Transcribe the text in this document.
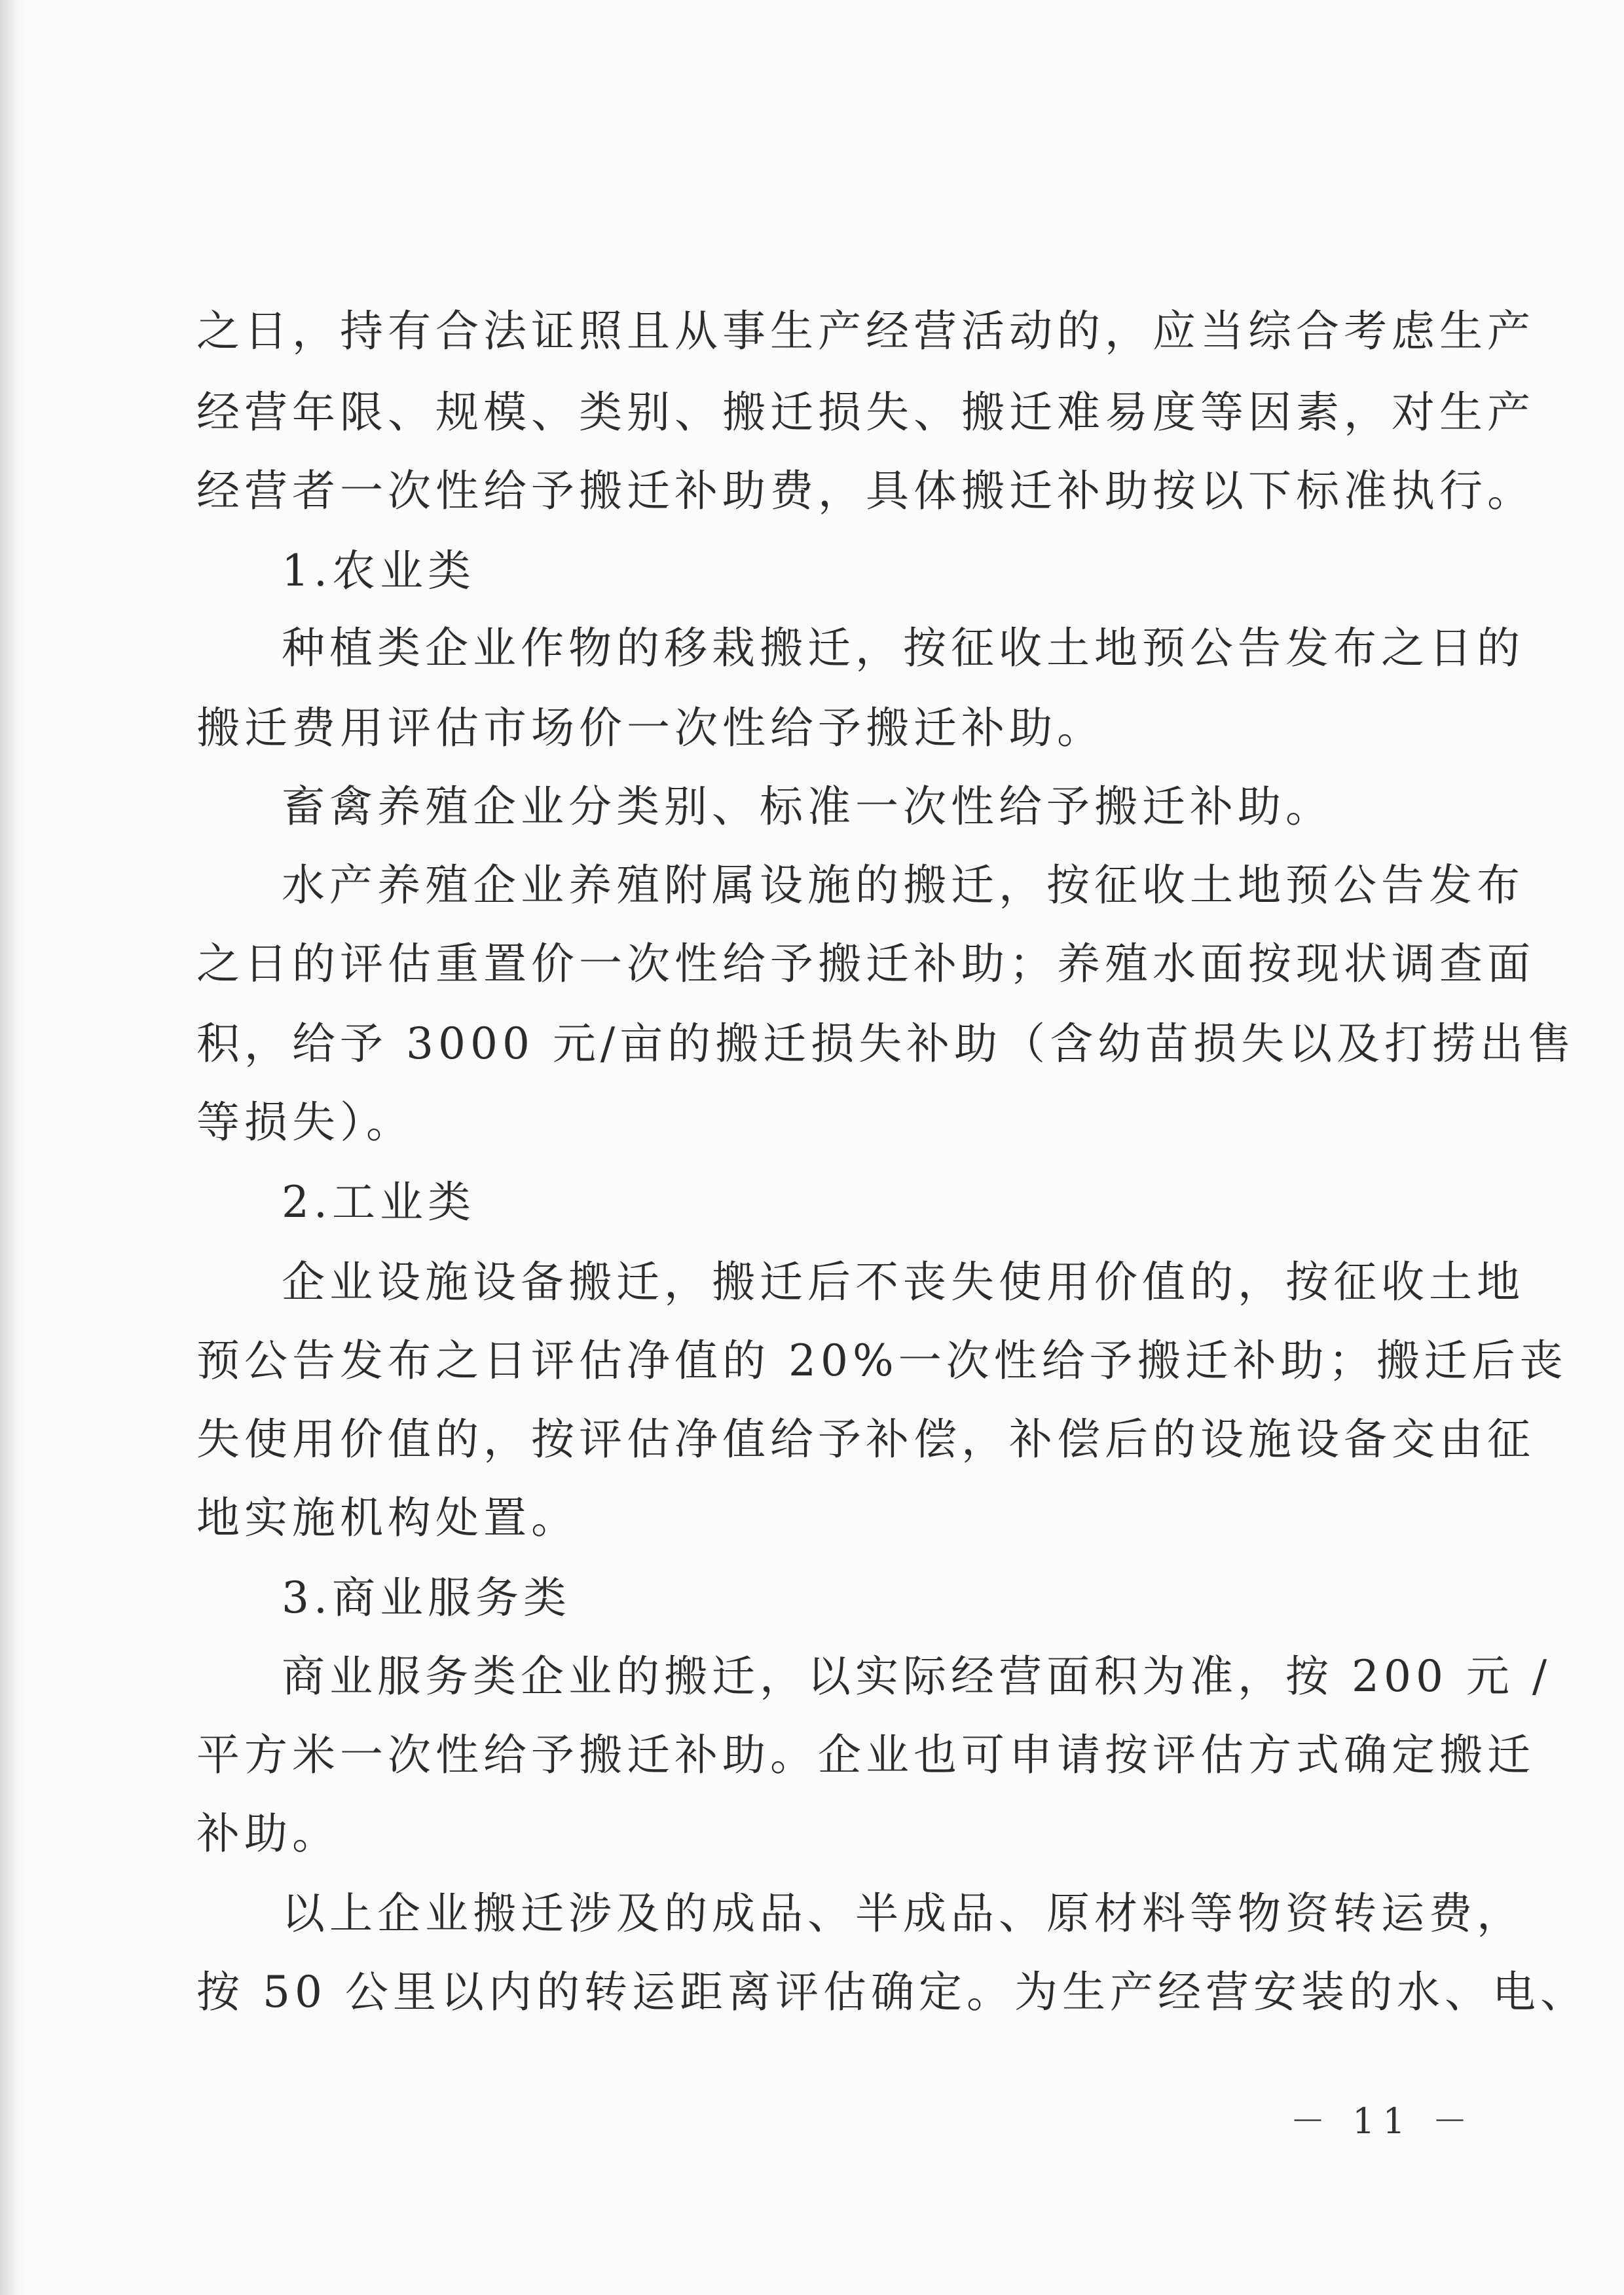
之日，持有合法证照且从事生产经营活动的，应当综合考虑生产
经营年限、规模、类别、搬迁损失、搬迁难易度等因素，对生产
经营者一次性给予搬迁补助费，具体搬迁补助按以下标准执行。
1.农业类
种植类企业作物的移栽搬迁，按征收土地预公告发布之日的
搬迁费用评估市场价一次性给予搬迁补助。
畜禽养殖企业分类别、标准一次性给予搬迁补助。
水产养殖企业养殖附属设施的搬迁，按征收土地预公告发布
之日的评估重置价一次性给予搬迁补助；养殖水面按现状调查面
积，给予 3000 元/亩的搬迁损失补助（含幼苗损失以及打捞出售
等损失）。
2.工业类
企业设施设备搬迁，搬迁后不丧失使用价值的，按征收土地
预公告发布之日评估净值的 20%一次性给予搬迁补助；搬迁后丧
失使用价值的，按评估净值给予补偿，补偿后的设施设备交由征
地实施机构处置。
3.商业服务类
商业服务类企业的搬迁，以实际经营面积为准，按 200 元 /
平方米一次性给予搬迁补助。企业也可申请按评估方式确定搬迁
补助。
以上企业搬迁涉及的成品、半成品、原材料等物资转运费，
按 50 公里以内的转运距离评估确定。为生产经营安装的水、电、
－ 11 －
